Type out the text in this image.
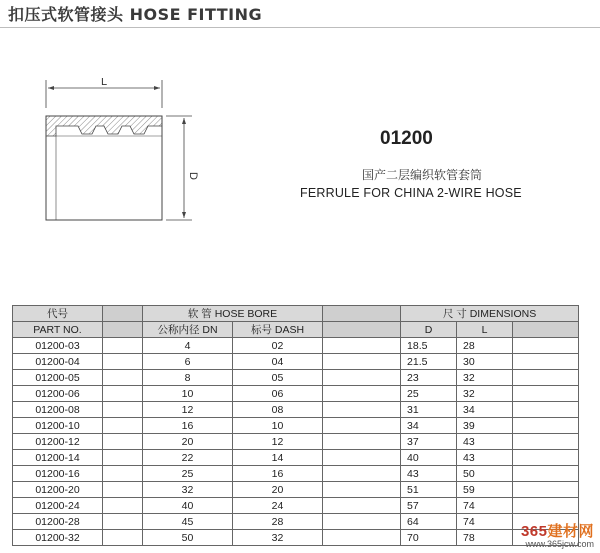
扣压式软管接头 HOSE FITTING
L
D
01200
国产二层编织软管套筒
FERRULE FOR CHINA 2-WIRE HOSE
代号		软 管 HOSE BORE			尺 寸 DIMENSIONS		
PART NO.		公称内径 DN	标号 DASH		D	L	
01200-03		4	02		18.5	28	
01200-04		6	04		21.5	30	
01200-05		8	05		23	32	
01200-06		10	06		25	32	
01200-08		12	08		31	34	
01200-10		16	10		34	39	
01200-12		20	12		37	43	
01200-14		22	14		40	43	
01200-16		25	16		43	50	
01200-20		32	20		51	59	
01200-24		40	24		57	74	
01200-28		45	28		64	74	
01200-32		50	32		70	78		365建材网
www.365jcw.com
